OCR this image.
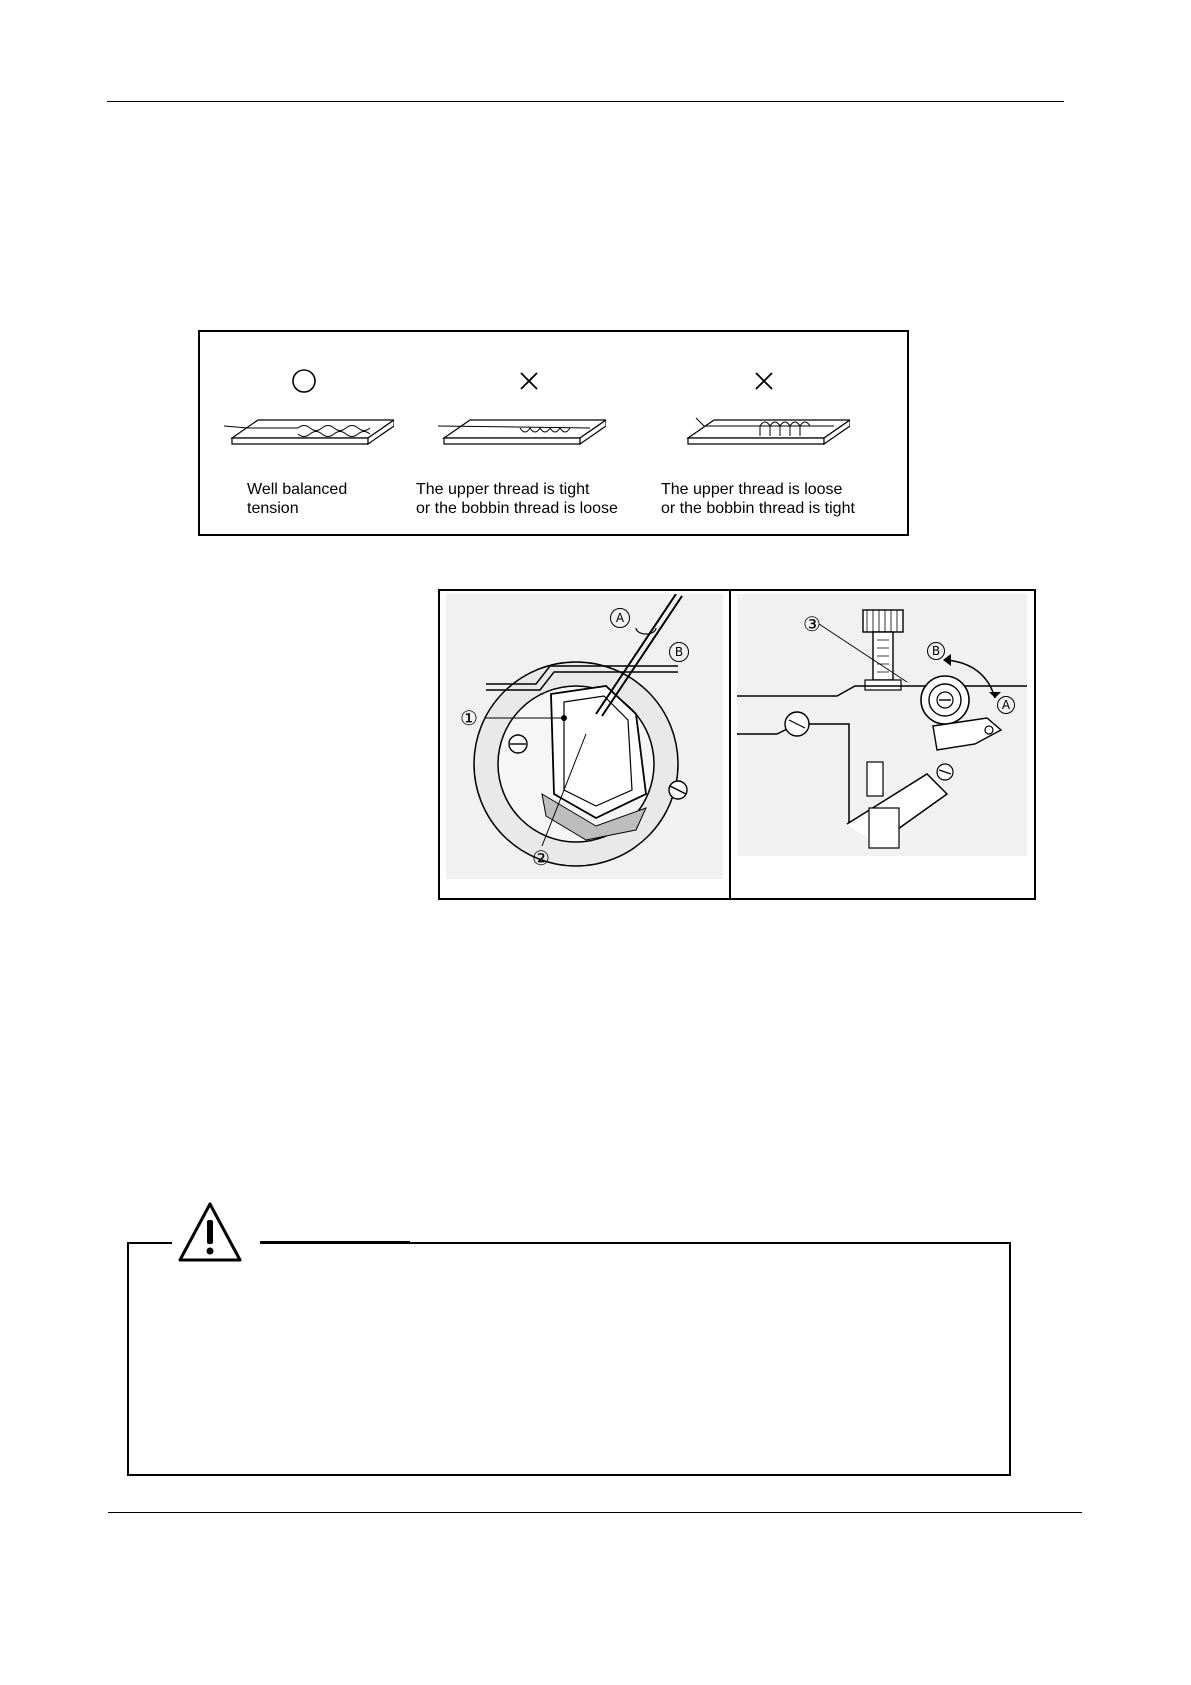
Well balanced
tension
The upper thread is tight
or the bobbin thread is loose
The upper thread is loose
or the bobbin thread is tight
①
②
A
B
③
B
A
